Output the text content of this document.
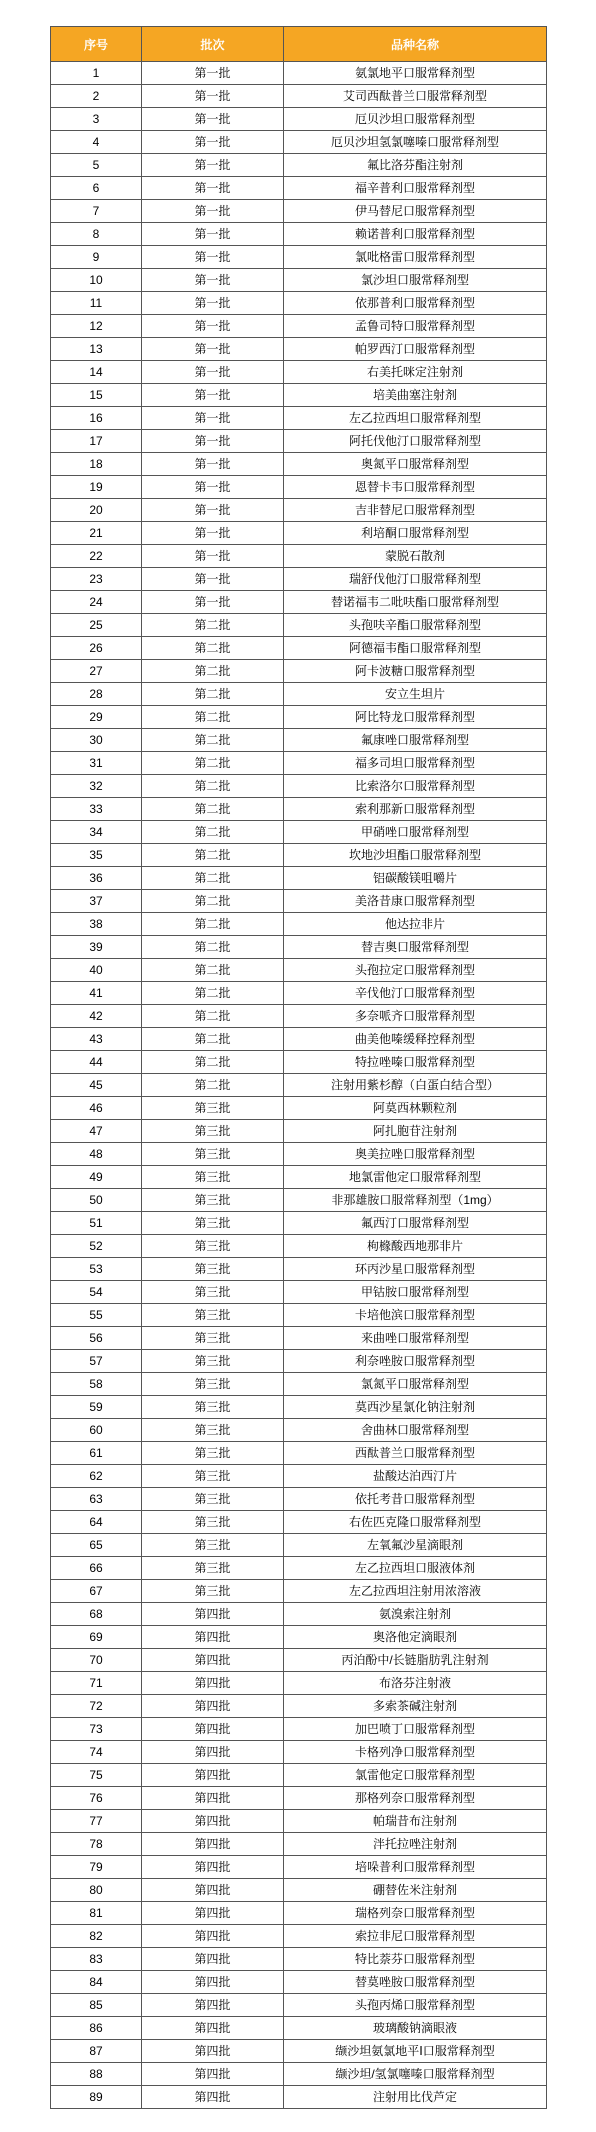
序号	批次	品种名称
1	第一批	氨氯地平口服常释剂型
2	第一批	艾司西酞普兰口服常释剂型
3	第一批	厄贝沙坦口服常释剂型
4	第一批	厄贝沙坦氢氯噻嗪口服常释剂型
5	第一批	氟比洛芬酯注射剂
6	第一批	福辛普利口服常释剂型
7	第一批	伊马替尼口服常释剂型
8	第一批	赖诺普利口服常释剂型
9	第一批	氯吡格雷口服常释剂型
10	第一批	氯沙坦口服常释剂型
11	第一批	依那普利口服常释剂型
12	第一批	孟鲁司特口服常释剂型
13	第一批	帕罗西汀口服常释剂型
14	第一批	右美托咪定注射剂
15	第一批	培美曲塞注射剂
16	第一批	左乙拉西坦口服常释剂型
17	第一批	阿托伐他汀口服常释剂型
18	第一批	奥氮平口服常释剂型
19	第一批	恩替卡韦口服常释剂型
20	第一批	吉非替尼口服常释剂型
21	第一批	利培酮口服常释剂型
22	第一批	蒙脱石散剂
23	第一批	瑞舒伐他汀口服常释剂型
24	第一批	替诺福韦二吡呋酯口服常释剂型
25	第二批	头孢呋辛酯口服常释剂型
26	第二批	阿德福韦酯口服常释剂型
27	第二批	阿卡波糖口服常释剂型
28	第二批	安立生坦片
29	第二批	阿比特龙口服常释剂型
30	第二批	氟康唑口服常释剂型
31	第二批	福多司坦口服常释剂型
32	第二批	比索洛尔口服常释剂型
33	第二批	索利那新口服常释剂型
34	第二批	甲硝唑口服常释剂型
35	第二批	坎地沙坦酯口服常释剂型
36	第二批	铝碳酸镁咀嚼片
37	第二批	美洛昔康口服常释剂型
38	第二批	他达拉非片
39	第二批	替吉奥口服常释剂型
40	第二批	头孢拉定口服常释剂型
41	第二批	辛伐他汀口服常释剂型
42	第二批	多奈哌齐口服常释剂型
43	第二批	曲美他嗪缓释控释剂型
44	第二批	特拉唑嗪口服常释剂型
45	第二批	注射用紫杉醇（白蛋白结合型）
46	第三批	阿莫西林颗粒剂
47	第三批	阿扎胞苷注射剂
48	第三批	奥美拉唑口服常释剂型
49	第三批	地氯雷他定口服常释剂型
50	第三批	非那雄胺口服常释剂型（1mg）
51	第三批	氟西汀口服常释剂型
52	第三批	枸橼酸西地那非片
53	第三批	环丙沙星口服常释剂型
54	第三批	甲钴胺口服常释剂型
55	第三批	卡培他滨口服常释剂型
56	第三批	来曲唑口服常释剂型
57	第三批	利奈唑胺口服常释剂型
58	第三批	氯氮平口服常释剂型
59	第三批	莫西沙星氯化钠注射剂
60	第三批	舍曲林口服常释剂型
61	第三批	西酞普兰口服常释剂型
62	第三批	盐酸达泊西汀片
63	第三批	依托考昔口服常释剂型
64	第三批	右佐匹克隆口服常释剂型
65	第三批	左氧氟沙星滴眼剂
66	第三批	左乙拉西坦口服液体剂
67	第三批	左乙拉西坦注射用浓溶液
68	第四批	氨溴索注射剂
69	第四批	奥洛他定滴眼剂
70	第四批	丙泊酚中/长链脂肪乳注射剂
71	第四批	布洛芬注射液
72	第四批	多索茶碱注射剂
73	第四批	加巴喷丁口服常释剂型
74	第四批	卡格列净口服常释剂型
75	第四批	氯雷他定口服常释剂型
76	第四批	那格列奈口服常释剂型
77	第四批	帕瑞昔布注射剂
78	第四批	泮托拉唑注射剂
79	第四批	培哚普利口服常释剂型
80	第四批	硼替佐米注射剂
81	第四批	瑞格列奈口服常释剂型
82	第四批	索拉非尼口服常释剂型
83	第四批	特比萘芬口服常释剂型
84	第四批	替莫唑胺口服常释剂型
85	第四批	头孢丙烯口服常释剂型
86	第四批	玻璃酸钠滴眼液
87	第四批	缬沙坦氨氯地平Ⅰ口服常释剂型
88	第四批	缬沙坦/氢氯噻嗪口服常释剂型
89	第四批	注射用比伐芦定
